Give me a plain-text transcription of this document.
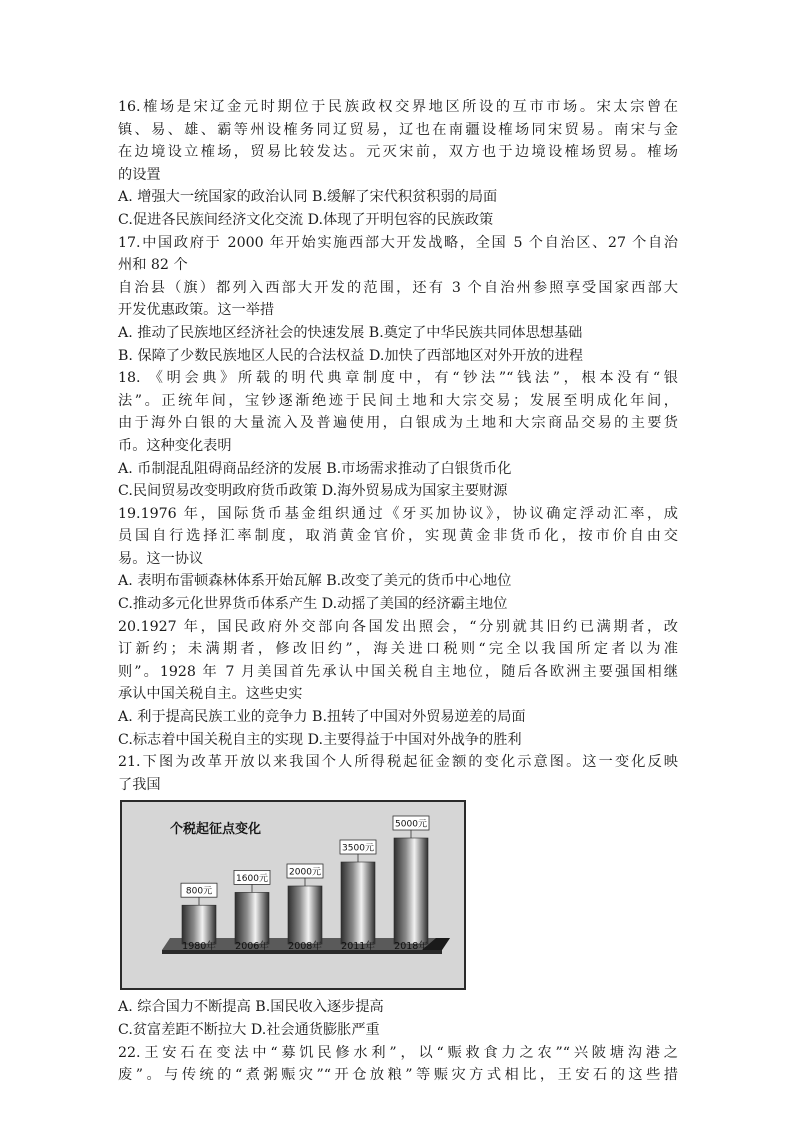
16.榷场是宋辽金元时期位于民族政权交界地区所设的互市市场。宋太宗曾在
镇、易、雄、霸等州设榷务同辽贸易，辽也在南疆设榷场同宋贸易。南宋与金
在边境设立榷场，贸易比较发达。元灭宋前，双方也于边境设榷场贸易。榷场
的设置
A. 增强大一统国家的政治认同 B.缓解了宋代积贫积弱的局面
C.促进各民族间经济文化交流 D.体现了开明包容的民族政策
17.中国政府于 2000 年开始实施西部大开发战略，全国 5 个自治区、27 个自治
州和 82 个
自治县（旗）都列入西部大开发的范围，还有 3 个自治州参照享受国家西部大
开发优惠政策。这一举措
A. 推动了民族地区经济社会的快速发展 B.奠定了中华民族共同体思想基础
B. 保障了少数民族地区人民的合法权益 D.加快了西部地区对外开放的进程
18. 《明会典》所载的明代典章制度中，有“钞法”“钱法”，根本没有“银
法”。正统年间，宝钞逐渐绝迹于民间土地和大宗交易；发展至明成化年间，
由于海外白银的大量流入及普遍使用，白银成为土地和大宗商品交易的主要货
币。这种变化表明
A. 币制混乱阻碍商品经济的发展 B.市场需求推动了白银货币化
C.民间贸易改变明政府货币政策 D.海外贸易成为国家主要财源
19.1976 年，国际货币基金组织通过《牙买加协议》，协议确定浮动汇率，成
员国自行选择汇率制度，取消黄金官价，实现黄金非货币化，按市价自由交
易。这一协议
A. 表明布雷顿森林体系开始瓦解 B.改变了美元的货币中心地位
C.推动多元化世界货币体系产生 D.动摇了美国的经济霸主地位
20.1927 年，国民政府外交部向各国发出照会，“分别就其旧约已满期者，改
订新约；未满期者，修改旧约”，海关进口税则“完全以我国所定者以为准
则”。1928 年 7 月美国首先承认中国关税自主地位，随后各欧洲主要强国相继
承认中国关税自主。这些史实
A. 利于提高民族工业的竞争力 B.扭转了中国对外贸易逆差的局面
C.标志着中国关税自主的实现 D.主要得益于中国对外战争的胜利
21.下图为改革开放以来我国个人所得税起征金额的变化示意图。这一变化反映
了我国
800元
1980年
1600元
2006年
2000元
2008年
3500元
2011年
5000元
2018年
个税起征点变化
A. 综合国力不断提高 B.国民收入逐步提高
C.贫富差距不断拉大 D.社会通货膨胀严重
22.王安石在变法中“募饥民修水利”，以“赈救食力之农”“兴陂塘沟港之
废”。与传统的“煮粥赈灾”“开仓放粮”等赈灾方式相比，王安石的这些措
